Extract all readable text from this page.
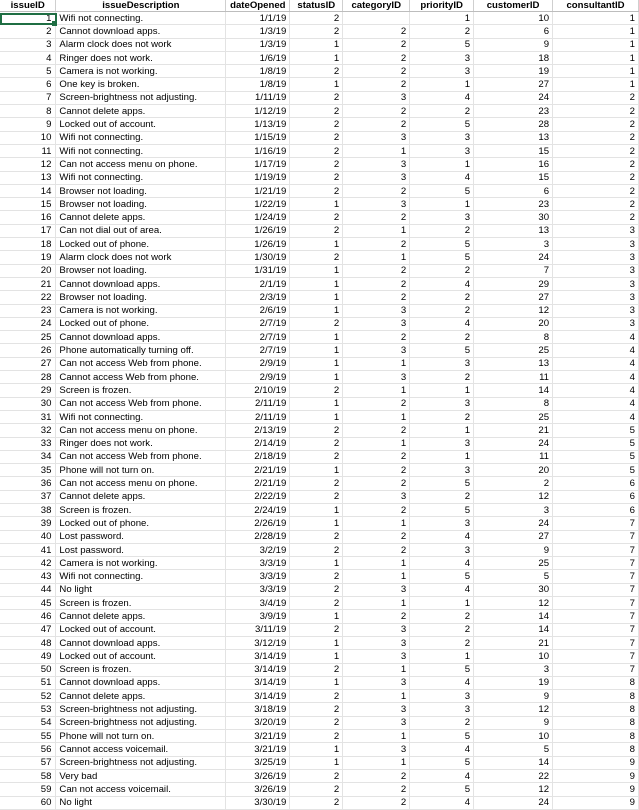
issueID	issueDescription	dateOpened	statusID	categoryID	priorityID	customerID	consultantID
1	Wifi not connecting.	1/1/19	2		1	10	1
2	Cannot download apps.	1/3/19	2	2	2	6	1
3	Alarm clock does not work	1/3/19	1	2	5	9	1
4	Ringer does not work.	1/6/19	1	2	3	18	1
5	Camera is not working.	1/8/19	2	2	3	19	1
6	One key is broken.	1/8/19	1	2	1	27	1
7	Screen-brightness not adjusting.	1/11/19	2	3	4	24	2
8	Cannot delete apps.	1/12/19	2	2	2	23	2
9	Locked out of account.	1/13/19	2	2	5	28	2
10	Wifi not connecting.	1/15/19	2	3	3	13	2
11	Wifi not connecting.	1/16/19	2	1	3	15	2
12	Can not access menu on phone.	1/17/19	2	3	1	16	2
13	Wifi not connecting.	1/19/19	2	3	4	15	2
14	Browser not loading.	1/21/19	2	2	5	6	2
15	Browser not loading.	1/22/19	1	3	1	23	2
16	Cannot delete apps.	1/24/19	2	2	3	30	2
17	Can not dial out of area.	1/26/19	2	1	2	13	3
18	Locked out of phone.	1/26/19	1	2	5	3	3
19	Alarm clock does not work	1/30/19	2	1	5	24	3
20	Browser not loading.	1/31/19	1	2	2	7	3
21	Cannot download apps.	2/1/19	1	2	4	29	3
22	Browser not loading.	2/3/19	1	2	2	27	3
23	Camera is not working.	2/6/19	1	3	2	12	3
24	Locked out of phone.	2/7/19	2	3	4	20	3
25	Cannot download apps.	2/7/19	1	2	2	8	4
26	Phone automatically turning off.	2/7/19	1	3	5	25	4
27	Can not access Web from phone.	2/9/19	1	1	3	13	4
28	Cannot access Web from phone.	2/9/19	1	3	2	11	4
29	Screen is frozen.	2/10/19	2	1	1	14	4
30	Can not access Web from phone.	2/11/19	1	2	3	8	4
31	Wifi not connecting.	2/11/19	1	1	2	25	4
32	Can not access menu on phone.	2/13/19	2	2	1	21	5
33	Ringer does not work.	2/14/19	2	1	3	24	5
34	Can not access Web from phone.	2/18/19	2	2	1	11	5
35	Phone will not turn on.	2/21/19	1	2	3	20	5
36	Can not access menu on phone.	2/21/19	2	2	5	2	6
37	Cannot delete apps.	2/22/19	2	3	2	12	6
38	Screen is frozen.	2/24/19	1	2	5	3	6
39	Locked out of phone.	2/26/19	1	1	3	24	7
40	Lost password.	2/28/19	2	2	4	27	7
41	Lost password.	3/2/19	2	2	3	9	7
42	Camera is not working.	3/3/19	1	1	4	25	7
43	Wifi not connecting.	3/3/19	2	1	5	5	7
44	No light	3/3/19	2	3	4	30	7
45	Screen is frozen.	3/4/19	2	1	1	12	7
46	Cannot delete apps.	3/9/19	1	2	2	14	7
47	Locked out of account.	3/11/19	2	3	2	14	7
48	Cannot download apps.	3/12/19	1	3	2	21	7
49	Locked out of account.	3/14/19	1	3	1	10	7
50	Screen is frozen.	3/14/19	2	1	5	3	7
51	Cannot download apps.	3/14/19	1	3	4	19	8
52	Cannot delete apps.	3/14/19	2	1	3	9	8
53	Screen-brightness not adjusting.	3/18/19	2	3	3	12	8
54	Screen-brightness not adjusting.	3/20/19	2	3	2	9	8
55	Phone will not turn on.	3/21/19	2	1	5	10	8
56	Cannot access voicemail.	3/21/19	1	3	4	5	8
57	Screen-brightness not adjusting.	3/25/19	1	1	5	14	9
58	Very bad	3/26/19	2	2	4	22	9
59	Can not access voicemail.	3/26/19	2	2	5	12	9
60	No light	3/30/19	2	2	4	24	9
